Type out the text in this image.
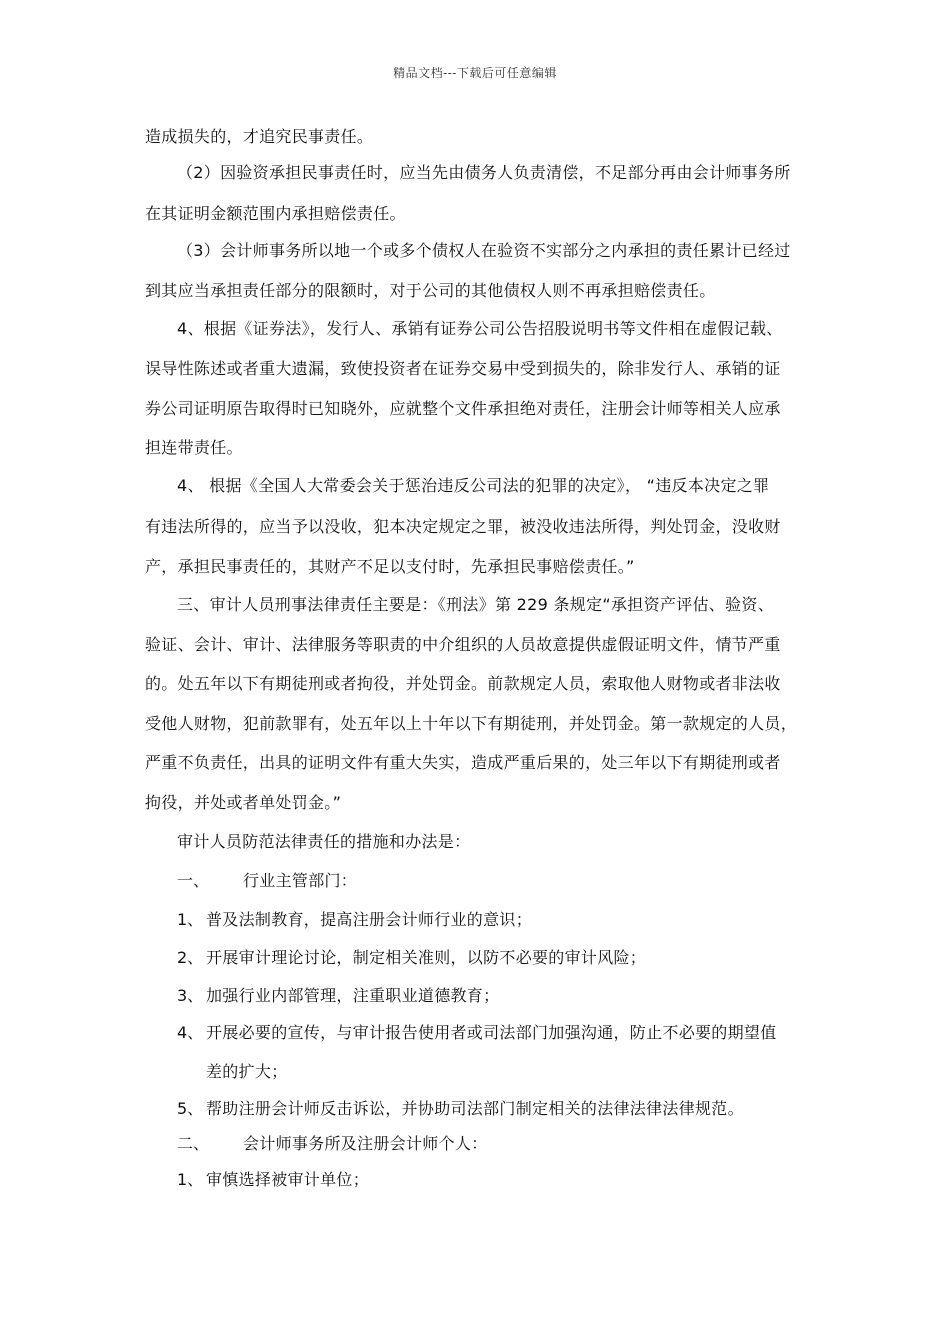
精品文档---下载后可任意编辑
造成损失的，才追究民事责任。
（2）因验资承担民事责任时，应当先由债务人负责清偿，不足部分再由会计师事务所
在其证明金额范围内承担赔偿责任。
（3）会计师事务所以地一个或多个债权人在验资不实部分之内承担的责任累计已经过
到其应当承担责任部分的限额时，对于公司的其他债权人则不再承担赔偿责任。
4、根据《证券法》，发行人、承销有证券公司公告招股说明书等文件相在虚假记载、
误导性陈述或者重大遗漏，致使投资者在证券交易中受到损失的，除非发行人、承销的证
券公司证明原告取得时已知晓外，应就整个文件承担绝对责任，注册会计师等相关人应承
担连带责任。
4、 根据《全国人大常委会关于惩治违反公司法的犯罪的决定》， “违反本决定之罪
有违法所得的，应当予以没收，犯本决定规定之罪，被没收违法所得，判处罚金，没收财
产，承担民事责任的，其财产不足以支付时，先承担民事赔偿责任。”
三、审计人员刑事法律责任主要是：《刑法》第 229 条规定“承担资产评估、验资、
验证、会计、审计、法律服务等职责的中介组织的人员故意提供虚假证明文件，情节严重
的。处五年以下有期徒刑或者拘役，并处罚金。前款规定人员，索取他人财物或者非法收
受他人财物，犯前款罪有，处五年以上十年以下有期徒刑，并处罚金。第一款规定的人员，
严重不负责任，出具的证明文件有重大失实，造成严重后果的，处三年以下有期徒刑或者
拘役，并处或者单处罚金。”
审计人员防范法律责任的措施和办法是：
一、 行业主管部门：
1、 普及法制教育，提高注册会计师行业的意识；
2、 开展审计理论讨论，制定相关准则，以防不必要的审计风险；
3、 加强行业内部管理，注重职业道德教育；
4、 开展必要的宣传，与审计报告使用者或司法部门加强沟通，防止不必要的期望值
差的扩大；
5、 帮助注册会计师反击诉讼，并协助司法部门制定相关的法律法律法律规范。
二、 会计师事务所及注册会计师个人：
1、 审慎选择被审计单位；
